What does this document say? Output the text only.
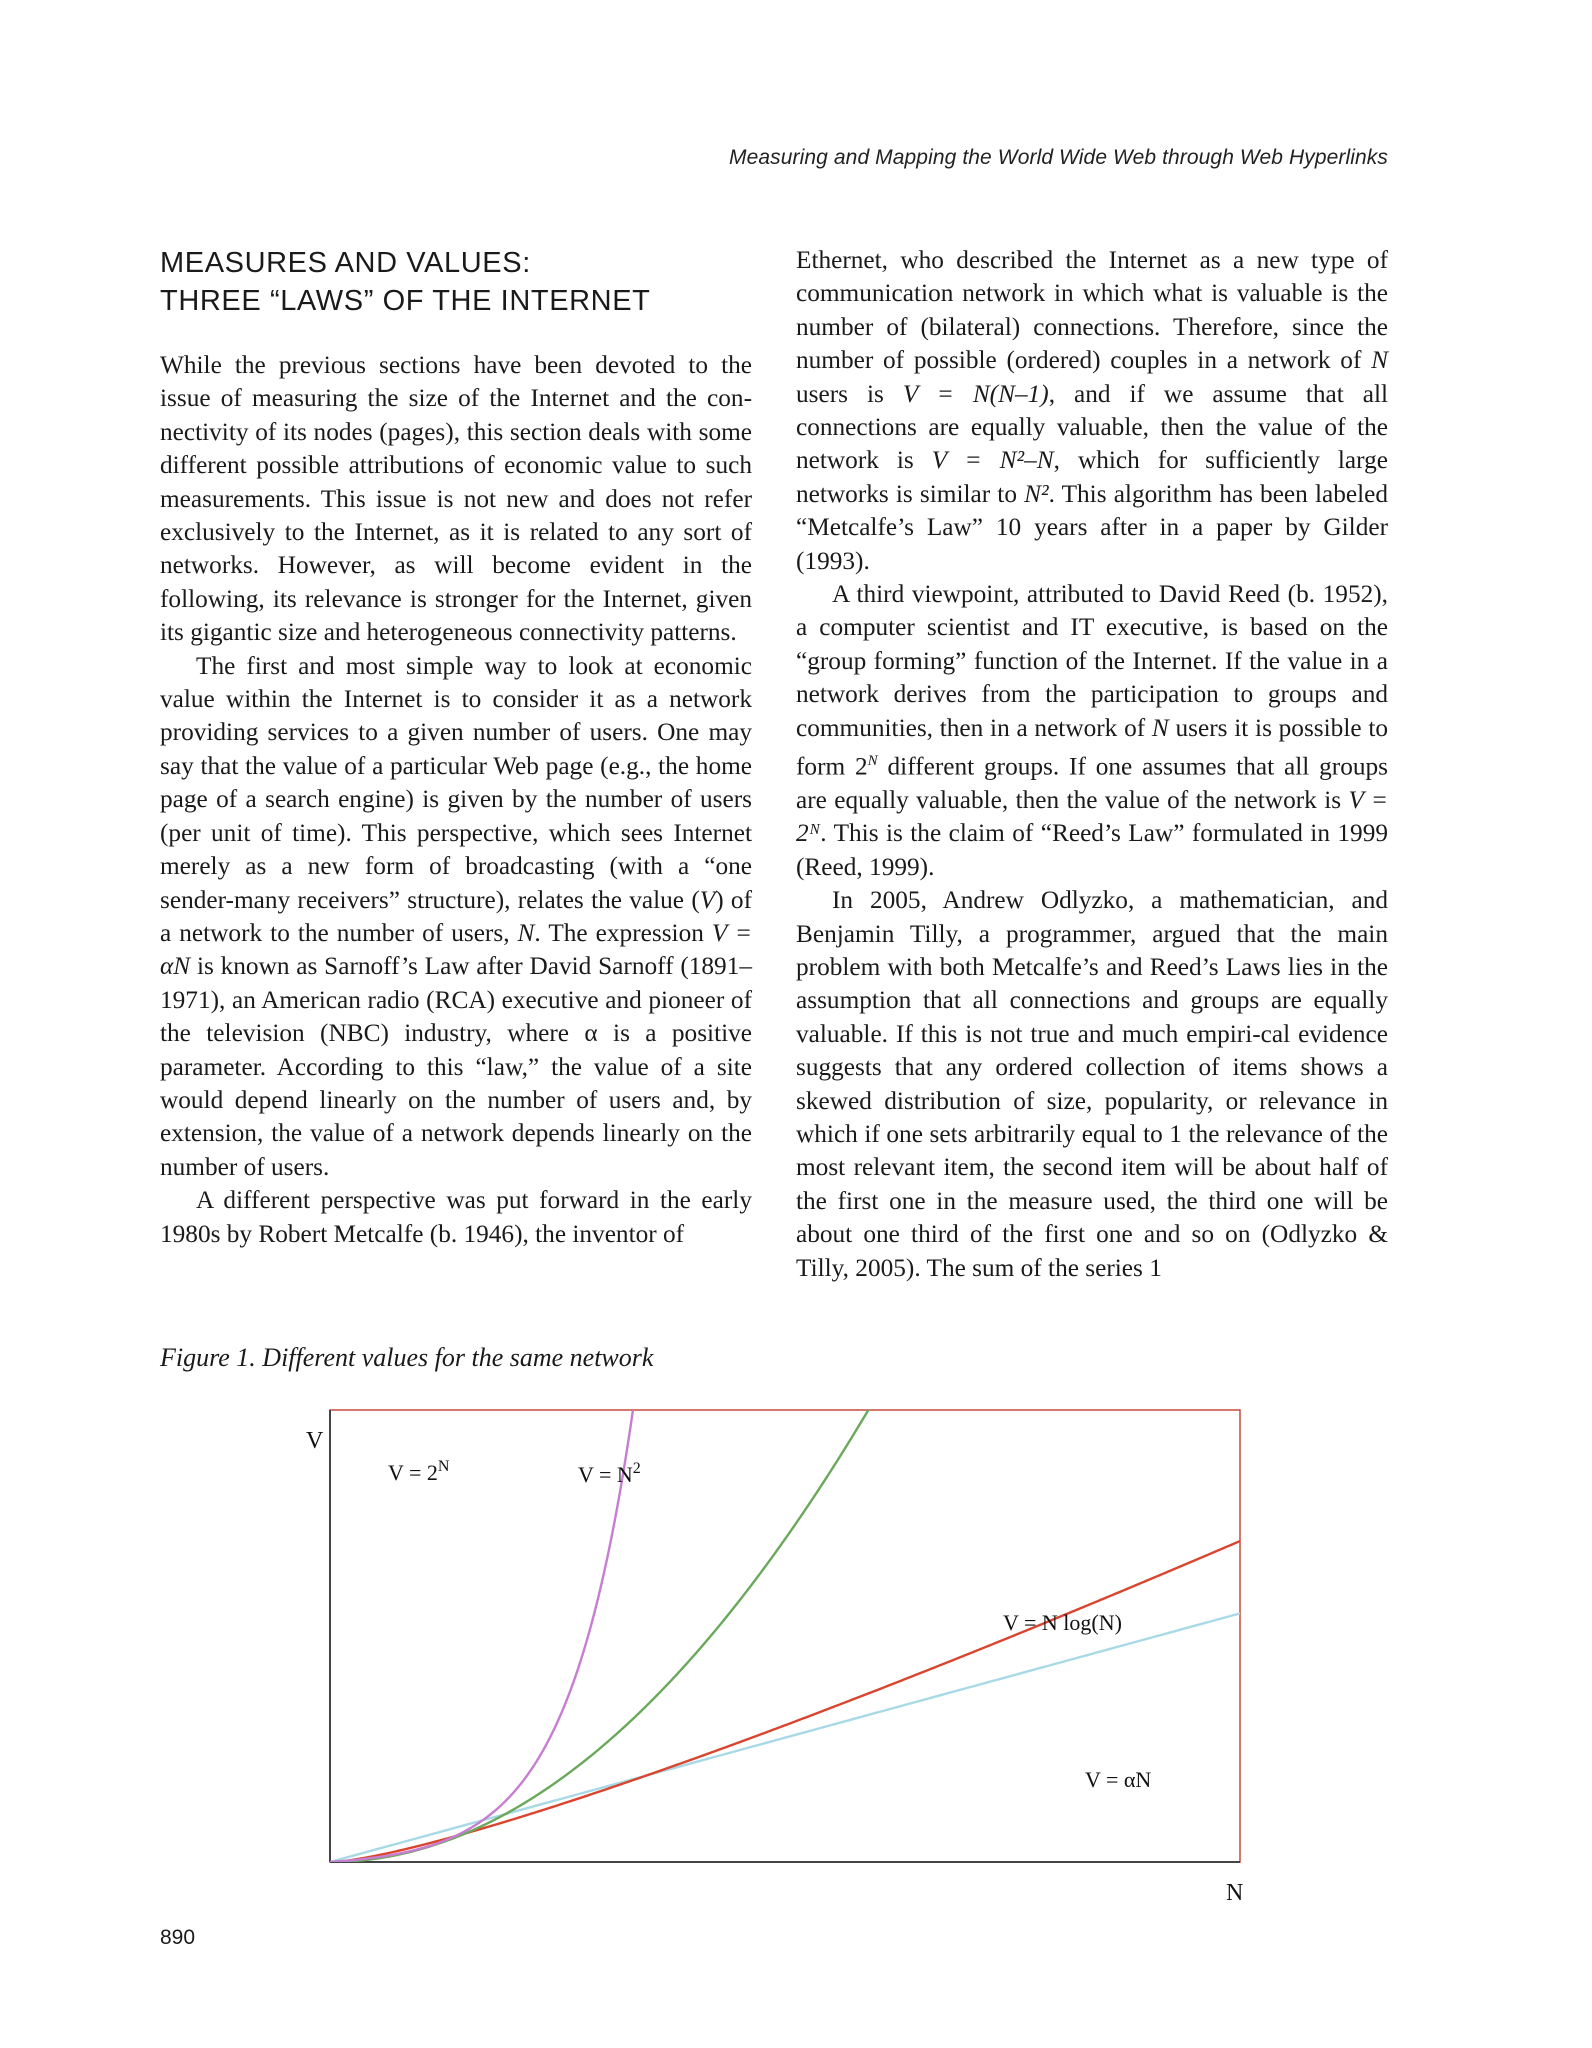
Measuring and Mapping the World Wide Web through Web Hyperlinks
MEASURES AND VALUES:
THREE “LAWS” OF THE INTERNET

While the previous sections have been devoted to the issue of measuring the size of the Internet and the con-nectivity of its nodes (pages), this section deals with some different possible attributions of economic value to such measurements. This issue is not new and does not refer exclusively to the Internet, as it is related to any sort of networks. However, as will become evident in the following, its relevance is stronger for the Internet, given its gigantic size and heterogeneous connectivity patterns.

The first and most simple way to look at economic value within the Internet is to consider it as a network providing services to a given number of users. One may say that the value of a particular Web page (e.g., the home page of a search engine) is given by the number of users (per unit of time). This perspective, which sees Internet merely as a new form of broadcasting (with a “one sender-many receivers” structure), relates the value (V) of a network to the number of users, N. The expression V = αN is known as Sarnoff’s Law after David Sarnoff (1891–1971), an American radio (RCA) executive and pioneer of the television (NBC) industry, where α is a positive parameter. According to this “law,” the value of a site would depend linearly on the number of users and, by extension, the value of a network depends linearly on the number of users.

A different perspective was put forward in the early 1980s by Robert Metcalfe (b. 1946), the inventor of

Ethernet, who described the Internet as a new type of communication network in which what is valuable is the number of (bilateral) connections. Therefore, since the number of possible (ordered) couples in a network of N users is V = N(N–1), and if we assume that all connections are equally valuable, then the value of the network is V = N²–N, which for sufficiently large networks is similar to N². This algorithm has been labeled “Metcalfe’s Law” 10 years after in a paper by Gilder (1993).

A third viewpoint, attributed to David Reed (b. 1952), a computer scientist and IT executive, is based on the “group forming” function of the Internet. If the value in a network derives from the participation to groups and communities, then in a network of N users it is possible to form $2^N$ different groups. If one assumes that all groups are equally valuable, then the value of the network is V = 2ᴺ. This is the claim of “Reed’s Law” formulated in 1999 (Reed, 1999).

In 2005, Andrew Odlyzko, a mathematician, and Benjamin Tilly, a programmer, argued that the main problem with both Metcalfe’s and Reed’s Laws lies in the assumption that all connections and groups are equally valuable. If this is not true and much empiri-cal evidence suggests that any ordered collection of items shows a skewed distribution of size, popularity, or relevance in which if one sets arbitrarily equal to 1 the relevance of the most relevant item, the second item will be about half of the first one in the measure used, the third one will be about one third of the first one and so on (Odlyzko & Tilly, 2005). The sum of the series 1

Figure 1. Different values for the same network
V
N
$V = 2^N$	$V = N^2$
V = N log(N)
V = αN
890
